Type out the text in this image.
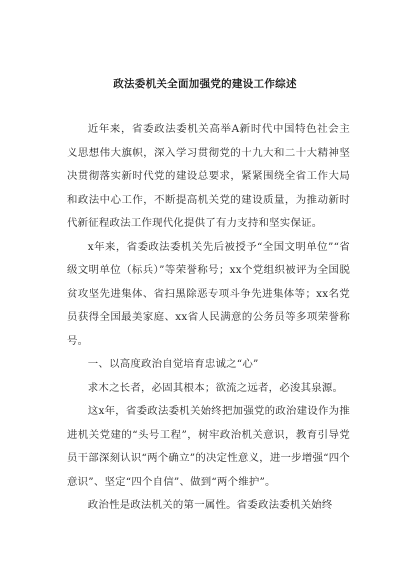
政法委机关全面加强党的建设工作综述

近年来，省委政法委机关高举A新时代中国特色社会主义思想伟大旗帜，深入学习贯彻党的十九大和二十大精神坚决贯彻落实新时代党的建设总要求，紧紧围绕全省工作大局和政法中心工作，不断提高机关党的建设质量，为推动新时代新征程政法工作现代化提供了有力支持和坚实保证。

x年来，省委政法委机关先后被授予“全国文明单位”“省级文明单位（标兵）”等荣誉称号；xx个党组织被评为全国脱贫攻坚先进集体、省扫黑除恶专项斗争先进集体等；xx名党员获得全国最美家庭、xx省人民满意的公务员等多项荣誉称号。

一、以高度政治自觉培育忠诚之“心”

求木之长者，必固其根本；欲流之远者，必浚其泉源。

这x年，省委政法委机关始终把加强党的政治建设作为推进机关党建的“头号工程”，树牢政治机关意识，教育引导党员干部深刻认识“两个确立”的决定性意义，进一步增强“四个意识”、坚定“四个自信”、做到“两个维护”。

政治性是政法机关的第一属性。省委政法委机关始终
